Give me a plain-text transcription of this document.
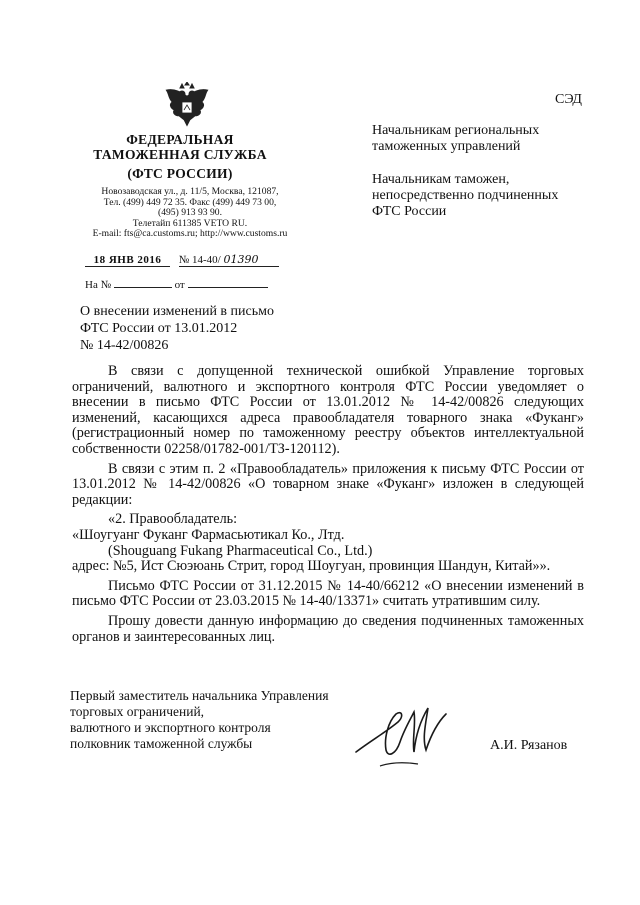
СЭД
ФЕДЕРАЛЬНАЯ
ТАМОЖЕННАЯ СЛУЖБА
(ФТС РОССИИ)
Новозаводская ул., д. 11/5, Москва, 121087,
Тел. (499) 449 72 35. Факс (499) 449 73 00,
(495) 913 93 90.
Телетайп 611385 VETO RU.
E-mail: fts@ca.customs.ru; http://www.customs.ru
18 ЯНВ 2016 № 14-40/ 01390
На №	от
Начальникам региональных
таможенных управлений
Начальникам таможен,
непосредственно подчиненных
ФТС России
О внесении изменений в письмо
ФТС России от 13.01.2012
№ 14-42/00826

В связи с допущенной технической ошибкой Управление торговых ограничений, валютного и экспортного контроля ФТС России уведомляет о внесении в письмо ФТС России от 13.01.2012 № 14-42/00826 следующих изменений, касающихся адреса правообладателя товарного знака «Фуканг» (регистрационный номер по таможенному реестру объектов интеллектуальной собственности 02258/01782-001/ТЗ-120112).

В связи с этим п. 2 «Правообладатель» приложения к письму ФТС России от 13.01.2012 № 14-42/00826 «О товарном знаке «Фуканг» изложен в следующей редакции:

«2. Правообладатель:
«Шоугуанг Фуканг Фармасьютикал Ко., Лтд.
(Shouguang Fukang Pharmaceutical Co., Ltd.)
адрес: №5, Ист Сюэюань Стрит, город Шоугуан, провинция Шандун, Китай»».

Письмо ФТС России от 31.12.2015 № 14-40/66212 «О внесении изменений в письмо ФТС России от 23.03.2015 № 14-40/13371» считать утратившим силу.

Прошу довести данную информацию до сведения подчиненных таможенных органов и заинтересованных лиц.

Первый заместитель начальника Управления
торговых ограничений,
валютного и экспортного контроля
полковник таможенной службы	А.И. Рязанов
